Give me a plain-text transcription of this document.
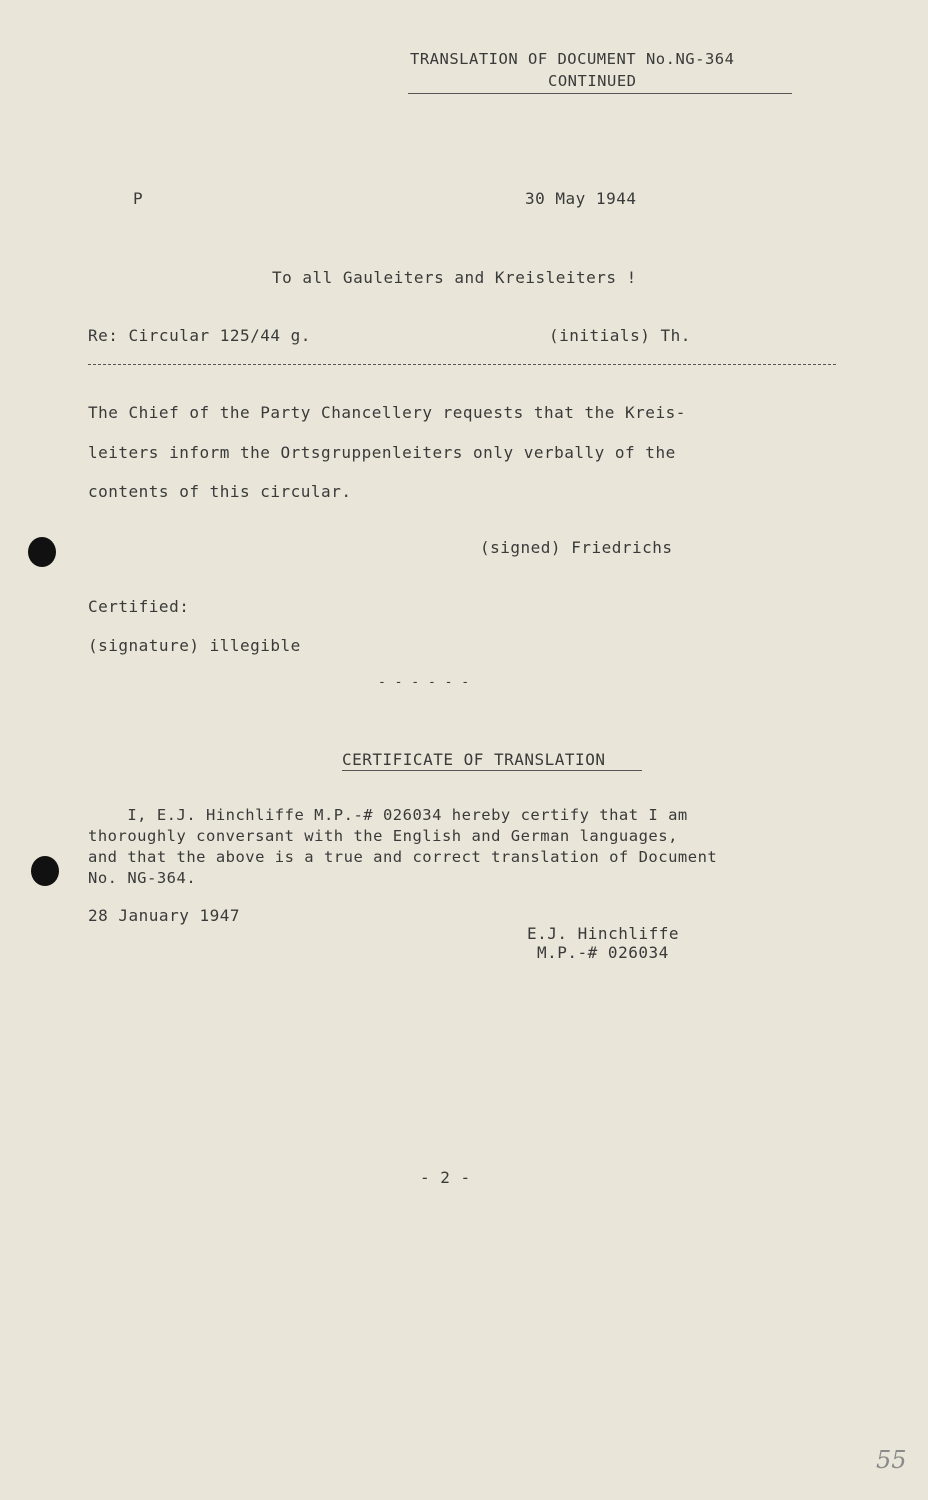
TRANSLATION OF DOCUMENT No.NG-364
CONTINUED
P	30 May 1944
To all Gauleiters and Kreisleiters !
Re: Circular 125/44 g.	(initials) Th.
The Chief of the Party Chancellery requests that the Kreis-
leiters inform the Ortsgruppenleiters only verbally of the
contents of this circular.
(signed) Friedrichs
Certified:
(signature) illegible
- - - - - -
CERTIFICATE OF TRANSLATION
I, E.J. Hinchliffe M.P.-# 026034 hereby certify that I am
thoroughly conversant with the English and German languages,
and that the above is a true and correct translation of Document
No. NG-364.
28 January 1947
E.J. Hinchliffe
M.P.-# 026034
- 2 -
55
